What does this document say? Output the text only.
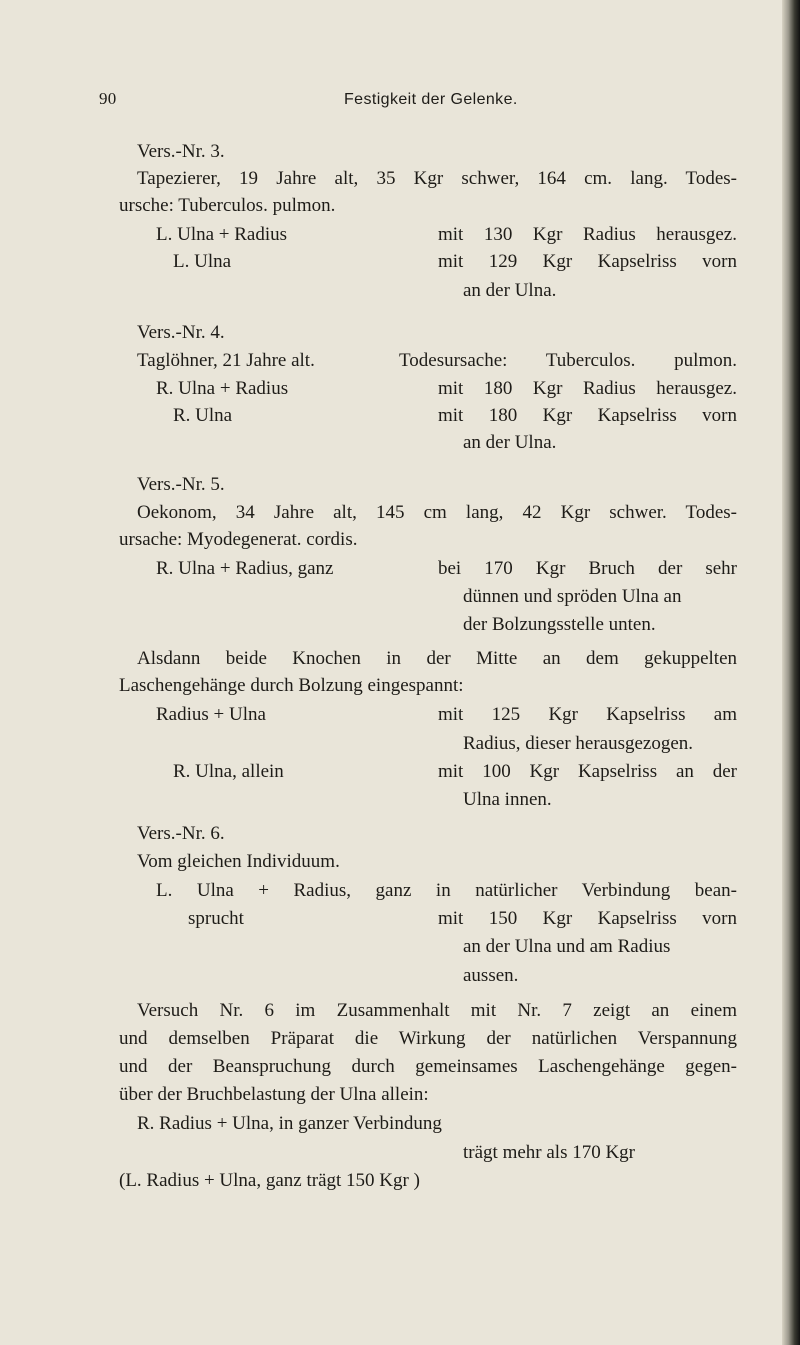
90	Festigkeit der Gelenke.
Vers.-Nr. 3.
Tapezierer, 19 Jahre alt, 35 Kgr schwer, 164 cm. lang. Todes-
ursche: Tuberculos. pulmon.
L. Ulna + Radius	mit 130 Kgr Radius herausgez.
L. Ulna	mit 129 Kgr Kapselriss vorn
an der Ulna.
Vers.-Nr. 4.
Taglöhner, 21 Jahre alt.	Todesursache: Tuberculos. pulmon.
R. Ulna + Radius	mit 180 Kgr Radius herausgez.
R. Ulna	mit 180 Kgr Kapselriss vorn
an der Ulna.
Vers.-Nr. 5.
Oekonom, 34 Jahre alt, 145 cm lang, 42 Kgr schwer. Todes-
ursache: Myodegenerat. cordis.
R. Ulna + Radius, ganz	bei 170 Kgr Bruch der sehr
dünnen und spröden Ulna an
der Bolzungsstelle unten.
Alsdann beide Knochen in der Mitte an dem gekuppelten
Laschengehänge durch Bolzung eingespannt:
Radius + Ulna	mit 125 Kgr Kapselriss am
Radius, dieser herausgezogen.
R. Ulna, allein	mit 100 Kgr Kapselriss an der
Ulna innen.
Vers.-Nr. 6.
Vom gleichen Individuum.
L. Ulna + Radius, ganz in natürlicher Verbindung bean-
sprucht	mit 150 Kgr Kapselriss vorn
an der Ulna und am Radius
aussen.
Versuch Nr. 6 im Zusammenhalt mit Nr. 7 zeigt an einem
und demselben Präparat die Wirkung der natürlichen Verspannung
und der Beanspruchung durch gemeinsames Laschengehänge gegen-
über der Bruchbelastung der Ulna allein:
R. Radius + Ulna, in ganzer Verbindung
trägt mehr als 170 Kgr
(L. Radius + Ulna, ganz trägt 150 Kgr )
